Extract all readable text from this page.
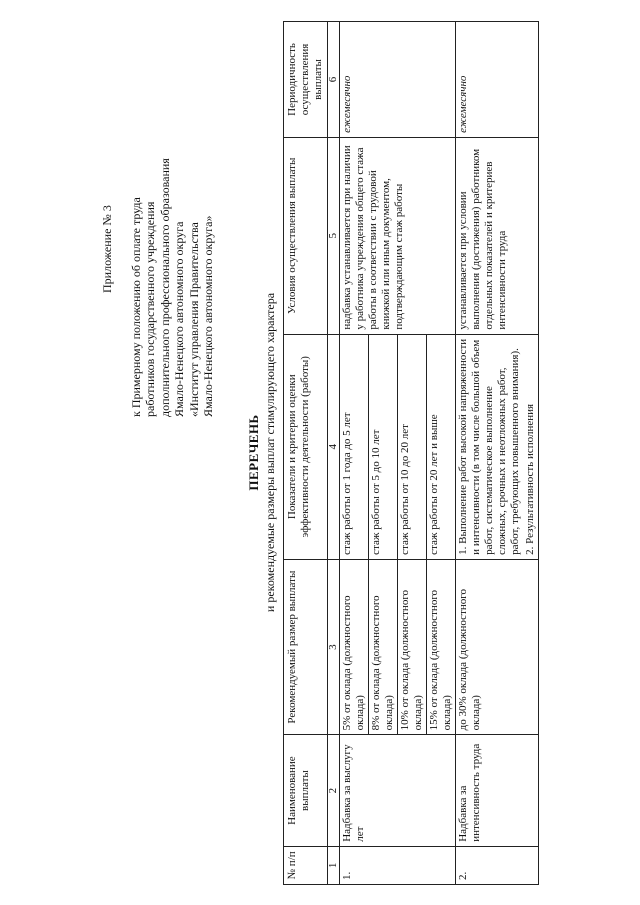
Приложение № 3 к Примерному положению об оплате труда работников государственного учреждения дополнительного профессионального образования Ямало-Ненецкого автономного округа «Институт управления Правительства Ямало-Ненецкого автономного округа»
ПЕРЕЧЕНЬ и рекомендуемые размеры выплат стимулирующего характера
№ п/п	Наименование выплаты	Рекомендуемый размер выплаты	Показатели и критерии оценки эффективности деятельности (работы)	Условия осуществления выплаты	Периодичность осуществления выплаты
1	2	3	4	5	6
1.	Надбавка за выслугу лет	5% от оклада (должностного оклада)	стаж работы от 1 года до 5 лет	надбавка устанавливается при наличии у работника учреждения общего стажа работы в соответствии с трудовой книжкой или иным документом, подтверждающим стаж работы	ежемесячно
		8% от оклада (должностного оклада)	стаж работы от 5 до 10 лет		
		10% от оклада (должностного оклада)	стаж работы от 10 до 20 лет		
		15% от оклада (должностного оклада)	стаж работы от 20 лет и выше		
2.	Надбавка за интенсивность труда	до 30% оклада (должностного оклада)	1. Выполнение работ высокой напряженности и интенсивности (в том числе большой объем работ, систематическое выполнение сложных, срочных и неотложных работ, работ, требующих повышенного внимания).	устанавливается при условии выполнения (достижения) работником отдельных показателей и критериев интенсивности труда	ежемесячно
			2. Результативность исполнения		
